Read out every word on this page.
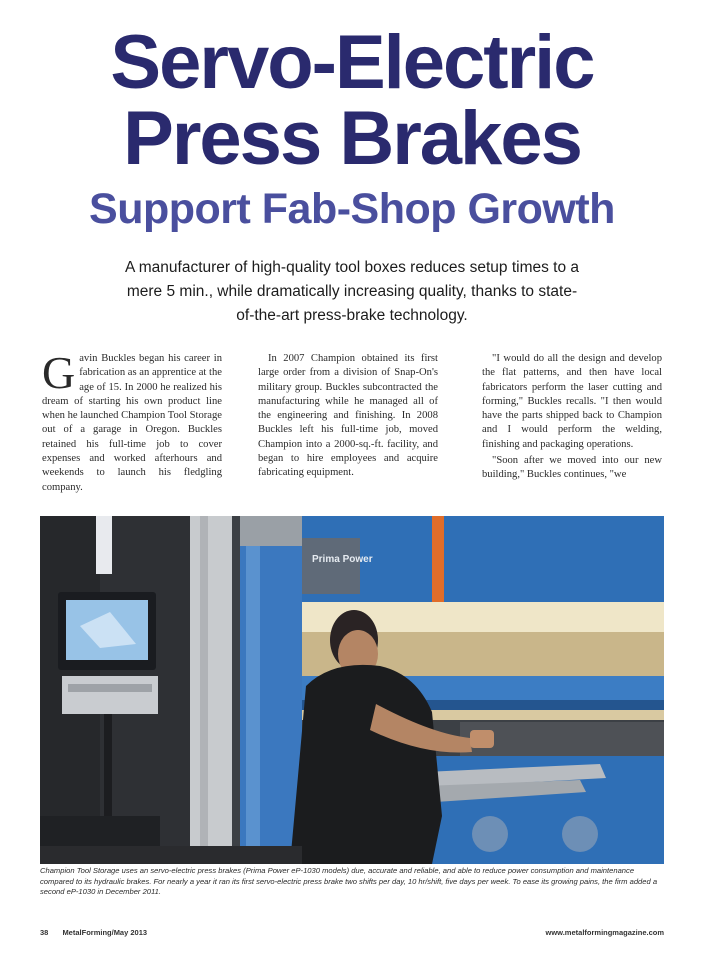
Servo-Electric
Press Brakes
Support Fab-Shop Growth

A manufacturer of high-quality tool boxes reduces setup times to a mere 5 min., while dramatically increasing quality, thanks to state-of-the-art press-brake technology.

Gavin Buckles began his career in fabrication as an apprentice at the age of 15. In 2000 he realized his dream of starting his own product line when he launched Champion Tool Storage out of a garage in Oregon. Buckles retained his full-time job to cover expenses and worked afterhours and weekends to launch his fledgling company.

In 2007 Champion obtained its first large order from a division of Snap-On's military group. Buckles subcontracted the manufacturing while he managed all of the engineering and finishing. In 2008 Buckles left his full-time job, moved Champion into a 2000-sq.-ft. facility, and began to hire employees and acquire fabricating equipment.

"I would do all the design and develop the flat patterns, and then have local fabricators perform the laser cutting and forming," Buckles recalls. "I then would have the parts shipped back to Champion and I would perform the welding, finishing and packaging operations.

"Soon after we moved into our new building," Buckles continues, "we

Prima Power

Champion Tool Storage uses an servo-electric press brakes (Prima Power eP-1030 models) due, accurate and reliable, and able to reduce power consumption and maintenance compared to its hydraulic brakes. For nearly a year it ran its first servo-electric press brake two shifts per day, 10 hr/shift, five days per week. To ease its growing pains, the firm added a second eP-1030 in December 2011.

38 MetalForming/May 2013	www.metalformingmagazine.com
